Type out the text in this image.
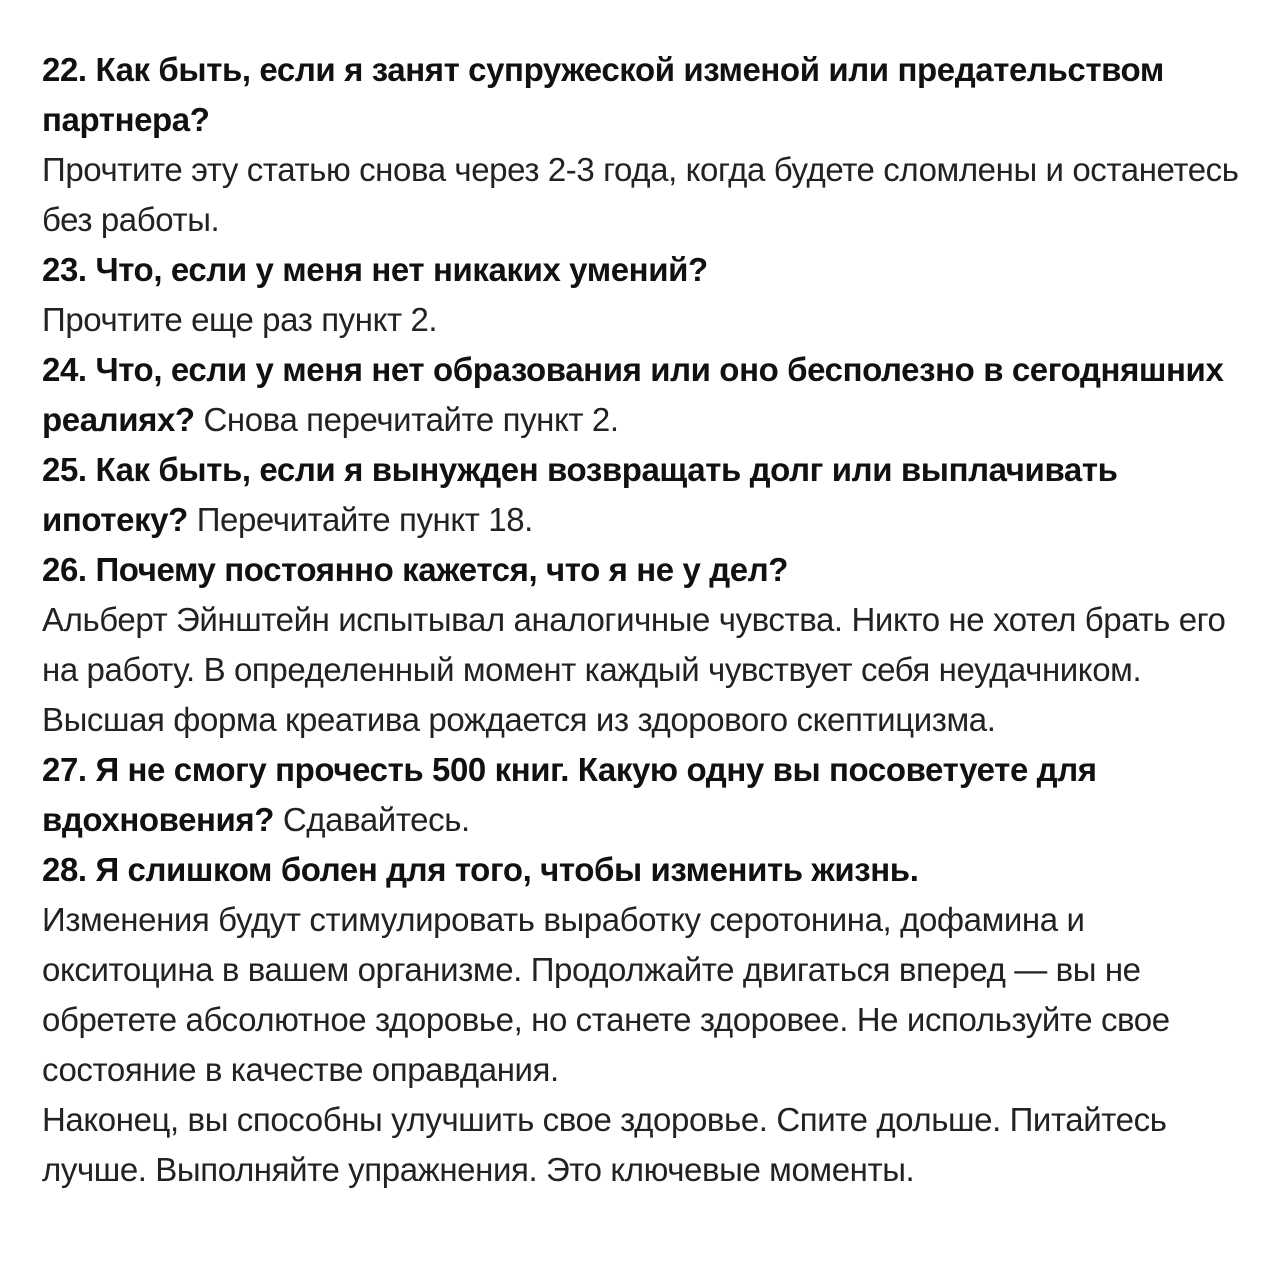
22. Как быть, если я занят супружеской изменой или предательством партнера?

Прочтите эту статью снова через 2-3 года, когда будете сломлены и останетесь без работы.

23. Что, если у меня нет никаких умений?

Прочтите еще раз пункт 2.

24. Что, если у меня нет образования или оно бесполезно в сегодняшних реалиях? Снова перечитайте пункт 2.

25. Как быть, если я вынужден возвращать долг или выплачивать ипотеку? Перечитайте пункт 18.

26. Почему постоянно кажется, что я не у дел?

Альберт Эйнштейн испытывал аналогичные чувства. Никто не хотел брать его на работу. В определенный момент каждый чувствует себя неудачником. Высшая форма креатива рождается из здорового скептицизма.

27. Я не смогу прочесть 500 книг. Какую одну вы посоветуете для вдохновения? Сдавайтесь.

28. Я слишком болен для того, чтобы изменить жизнь.

Изменения будут стимулировать выработку серотонина, дофамина и окситоцина в вашем организме. Продолжайте двигаться вперед — вы не обретете абсолютное здоровье, но станете здоровее. Не используйте свое состояние в качестве оправдания.

Наконец, вы способны улучшить свое здоровье. Спите дольше. Питайтесь лучше. Выполняйте упражнения. Это ключевые моменты.
